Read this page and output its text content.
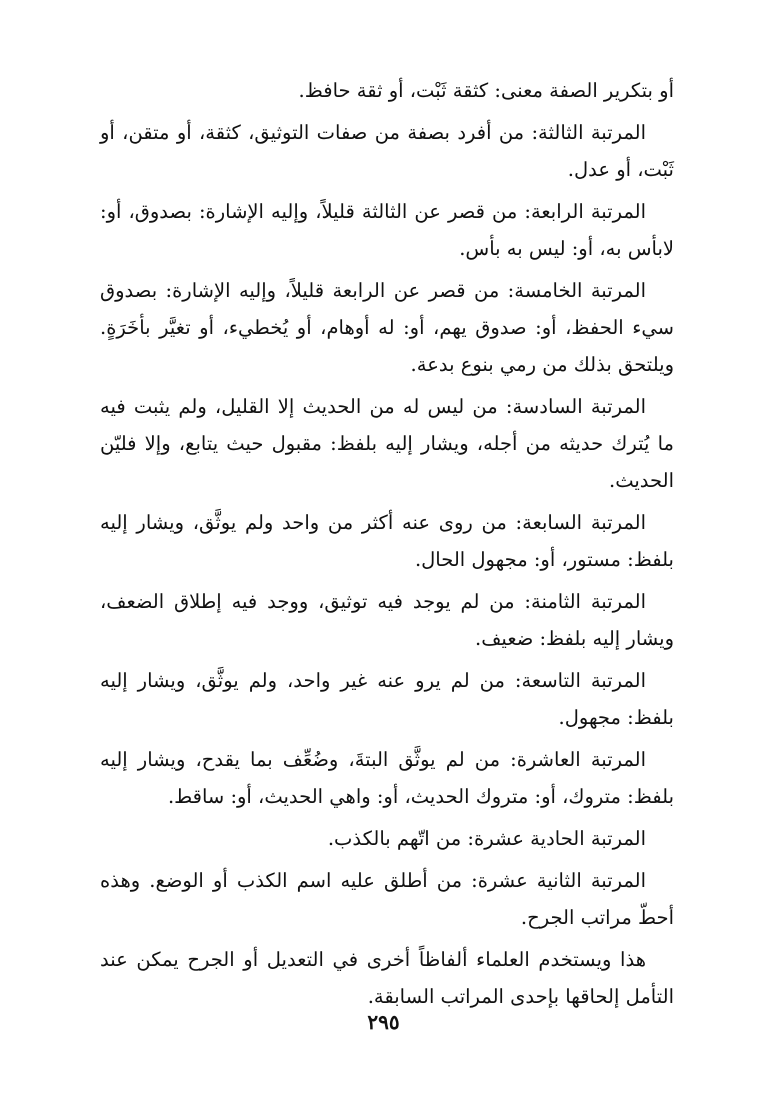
أو بتكرير الصفة معنى: كثقة ثَبْت، أو ثقة حافظ.

المرتبة الثالثة: من أفرد بصفة من صفات التوثيق، كثقة، أو متقن، أو ثَبْت، أو عدل.

المرتبة الرابعة: من قصر عن الثالثة قليلاً، وإليه الإشارة: بصدوق، أو: لابأس به، أو: ليس به بأس.

المرتبة الخامسة: من قصر عن الرابعة قليلاً، وإليه الإشارة: بصدوق سيء الحفظ، أو: صدوق يهم، أو: له أوهام، أو يُخطيء، أو تغيَّر بأخَرَةٍ. ويلتحق بذلك من رمي بنوع بدعة.

المرتبة السادسة: من ليس له من الحديث إلا القليل، ولم يثبت فيه ما يُترك حديثه من أجله، ويشار إليه بلفظ: مقبول حيث يتابع، وإلا فليّن الحديث.

المرتبة السابعة: من روى عنه أكثر من واحد ولم يوثَّق، ويشار إليه بلفظ: مستور، أو: مجهول الحال.

المرتبة الثامنة: من لم يوجد فيه توثيق، ووجد فيه إطلاق الضعف، ويشار إليه بلفظ: ضعيف.

المرتبة التاسعة: من لم يرو عنه غير واحد، ولم يوثَّق، ويشار إليه بلفظ: مجهول.

المرتبة العاشرة: من لم يوثَّق البتةَ، وضُعِّف بما يقدح، ويشار إليه بلفظ: متروك، أو: متروك الحديث، أو: واهي الحديث، أو: ساقط.

المرتبة الحادية عشرة: من اتّهم بالكذب.

المرتبة الثانية عشرة: من أطلق عليه اسم الكذب أو الوضع. وهذه أحطّ مراتب الجرح.

هذا ويستخدم العلماء ألفاظاً أخرى في التعديل أو الجرح يمكن عند التأمل إلحاقها بإحدى المراتب السابقة.

٢٩٥
